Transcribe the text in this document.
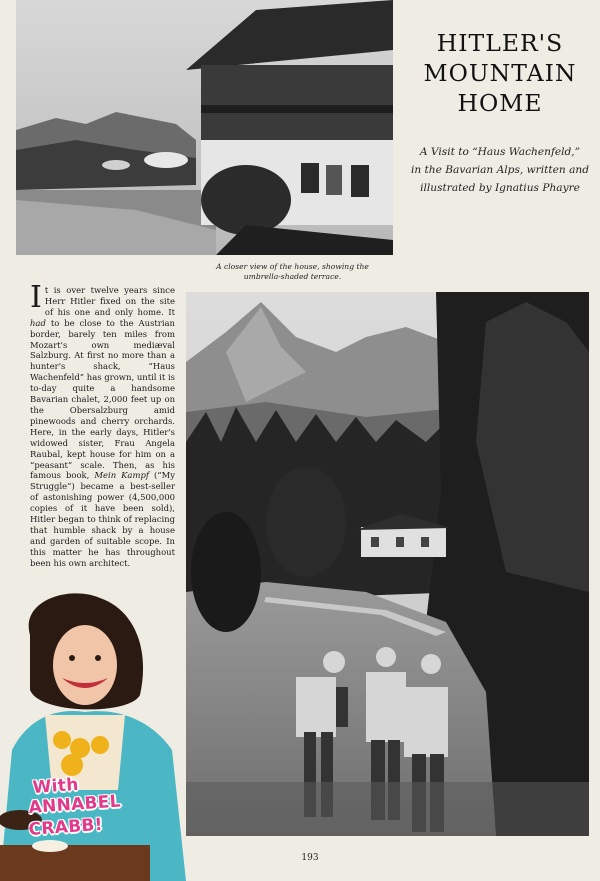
HITLER'S
MOUNTAIN
HOME
A Visit to “Haus Wachenfeld,”
in the Bavarian Alps, written and
illustrated by Ignatius Phayre
A closer view of the house, showing the
umbrella-shaded terrace.
It is over twelve years since Herr Hitler fixed on the site of his one and only home. It had to be close to the Austrian border, barely ten miles from Mozart's own mediæval Salzburg. At first no more than a hunter's shack, “Haus Wachenfeld” has grown, until it is to-day quite a handsome Bavarian chalet, 2,000 feet up on the Obersalzburg amid pinewoods and cherry orchards. Here, in the early days, Hitler's widowed sister, Frau Angela Raubal, kept house for him on a “peasant” scale. Then, as his famous book, Mein Kampf (“My Struggle”) became a best-seller of astonishing power (4,500,000 copies of it have been sold), Hitler began to think of replacing that humble shack by a house and garden of suitable scope. In this matter he has throughout been his own architect.
193
With
ANNABEL
CRABB!
